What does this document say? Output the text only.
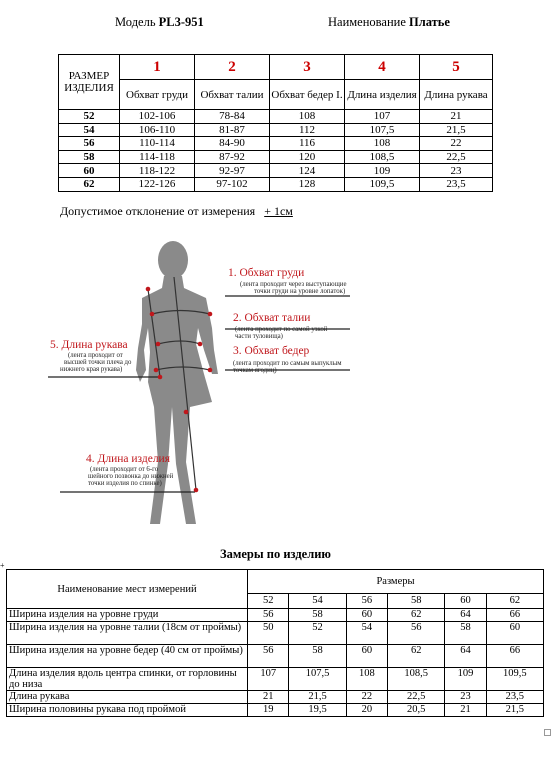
Модель PL3-951	Наименование Платье
РАЗМЕР ИЗДЕЛИЯ	1	2	3	4	5
	Обхват груди	Обхват талии	Обхват бедер I.	Длина изделия	Длина рукава
52	102-106	78-84	108	107	21
54	106-110	81-87	112	107,5	21,5
56	110-114	84-90	116	108	22
58	114-118	87-92	120	108,5	22,5
60	118-122	92-97	124	109	23
62	122-126	97-102	128	109,5	23,5
Допустимое отклонение от измерения + 1см
1. Обхват груди
2. Обхват талии
3. Обхват бедер
5. Длина рукава
4. Длина изделия
(лента проходит через выступающие
точки груди на уровне лопаток)
(лента проходит по самой узкой
части туловища)
(лента проходит по самым выпуклым
точкам ягодиц)
(лента проходит от
высшей точки плеча до
нижнего края рукава)
(лента проходит от 6-го
шейного позвонка до нижней
точки изделия по спинке)
Замеры по изделию
+
Наименование мест измерений	Размеры					
	52	54	56	58	60	62
Ширина изделия на уровне груди	56	58	60	62	64	66
Ширина изделия на уровне талии (18см от проймы)	50	52	54	56	58	60
Ширина изделия на уровне бедер (40 см от проймы)	56	58	60	62	64	66
Длина изделия вдоль центра спинки, от горловины до низа	107	107,5	108	108,5	109	109,5
Длина рукава	21	21,5	22	22,5	23	23,5
Ширина половины рукава под проймой	19	19,5	20	20,5	21	21,5
